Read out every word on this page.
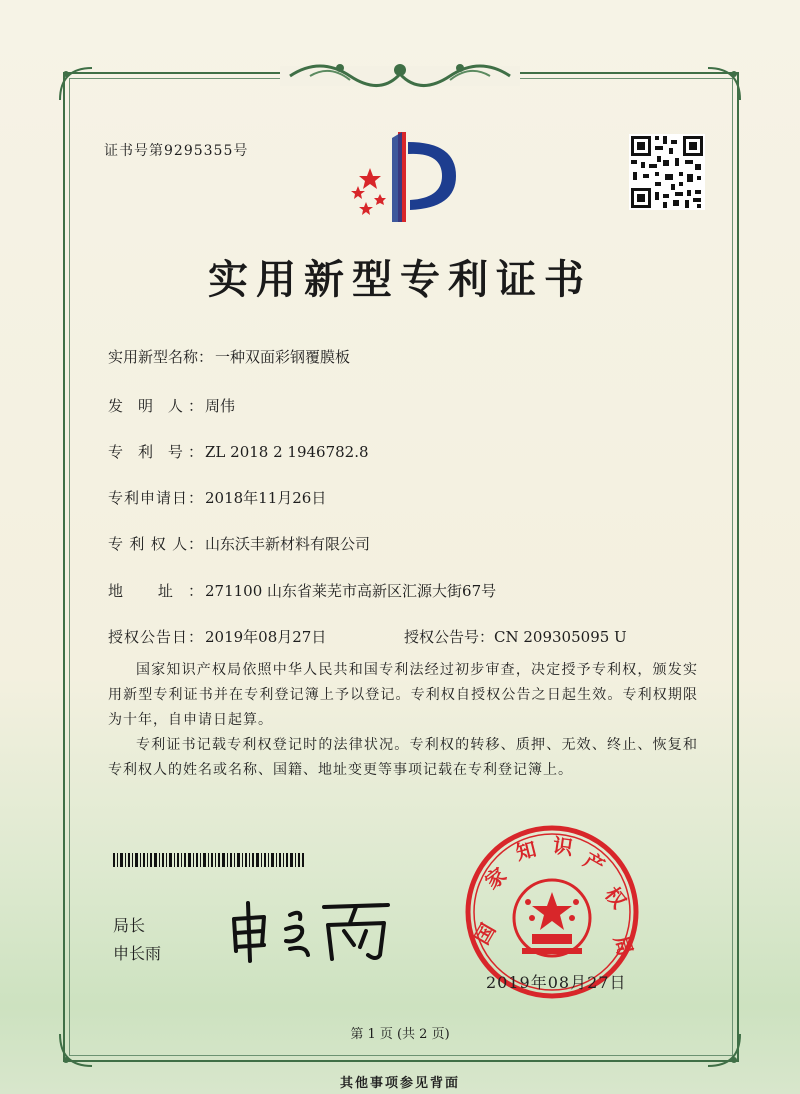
证书号第9295355号
实用新型专利证书
实用新型名称： 一种双面彩钢覆膜板
发 明 人： 周伟
专 利 号： ZL 2018 2 1946782.8
专利申请日： 2018年11月26日
专 利 权 人： 山东沃丰新材料有限公司
地 址： 271100 山东省莱芜市高新区汇源大街67号
授权公告日： 2019年08月27日	授权公告号：CN 209305095 U
国家知识产权局依照中华人民共和国专利法经过初步审查，决定授予专利权，颁发实用新型专利证书并在专利登记簿上予以登记。专利权自授权公告之日起生效。专利权期限为十年，自申请日起算。
专利证书记载专利权登记时的法律状况。专利权的转移、质押、无效、终止、恢复和专利权人的姓名或名称、国籍、地址变更等事项记载在专利登记簿上。
局长
申长雨
国
家
知 识
产
权
局
2019年08月27日
第 1 页 (共 2 页)
其他事项参见背面
